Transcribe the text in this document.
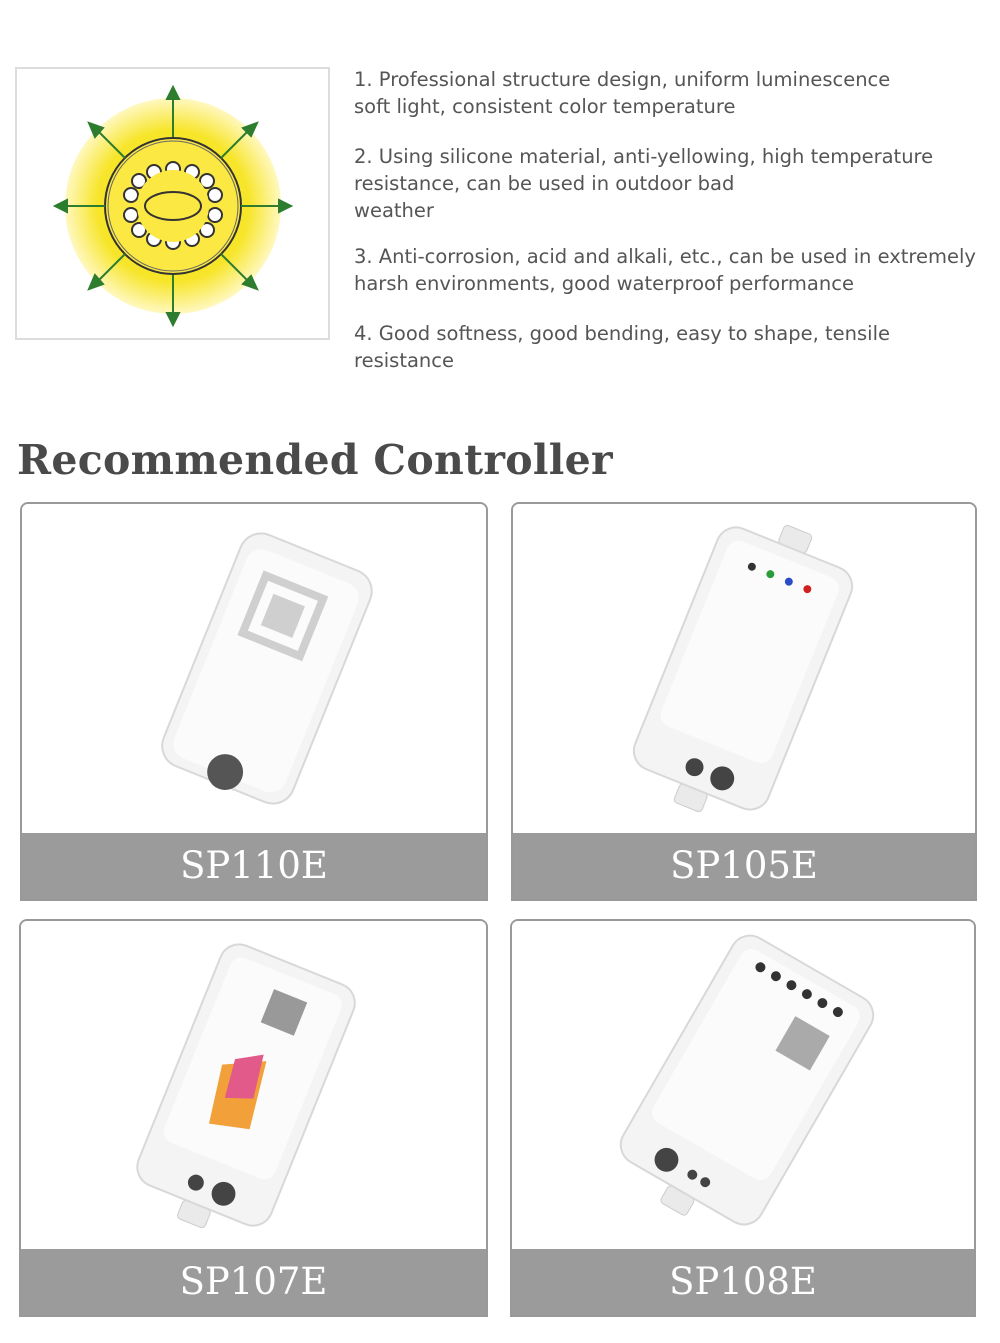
1. Professional structure design, uniform luminescence
soft light, consistent color temperature
2. Using silicone material, anti-yellowing, high temperature
resistance, can be used in outdoor bad
weather
3. Anti-corrosion, acid and alkali, etc., can be used in extremely
harsh environments, good waterproof performance
4. Good softness, good bending, easy to shape, tensile resistance
Recommended Controller
SP110E	SP105E
SP107E	SP108E
